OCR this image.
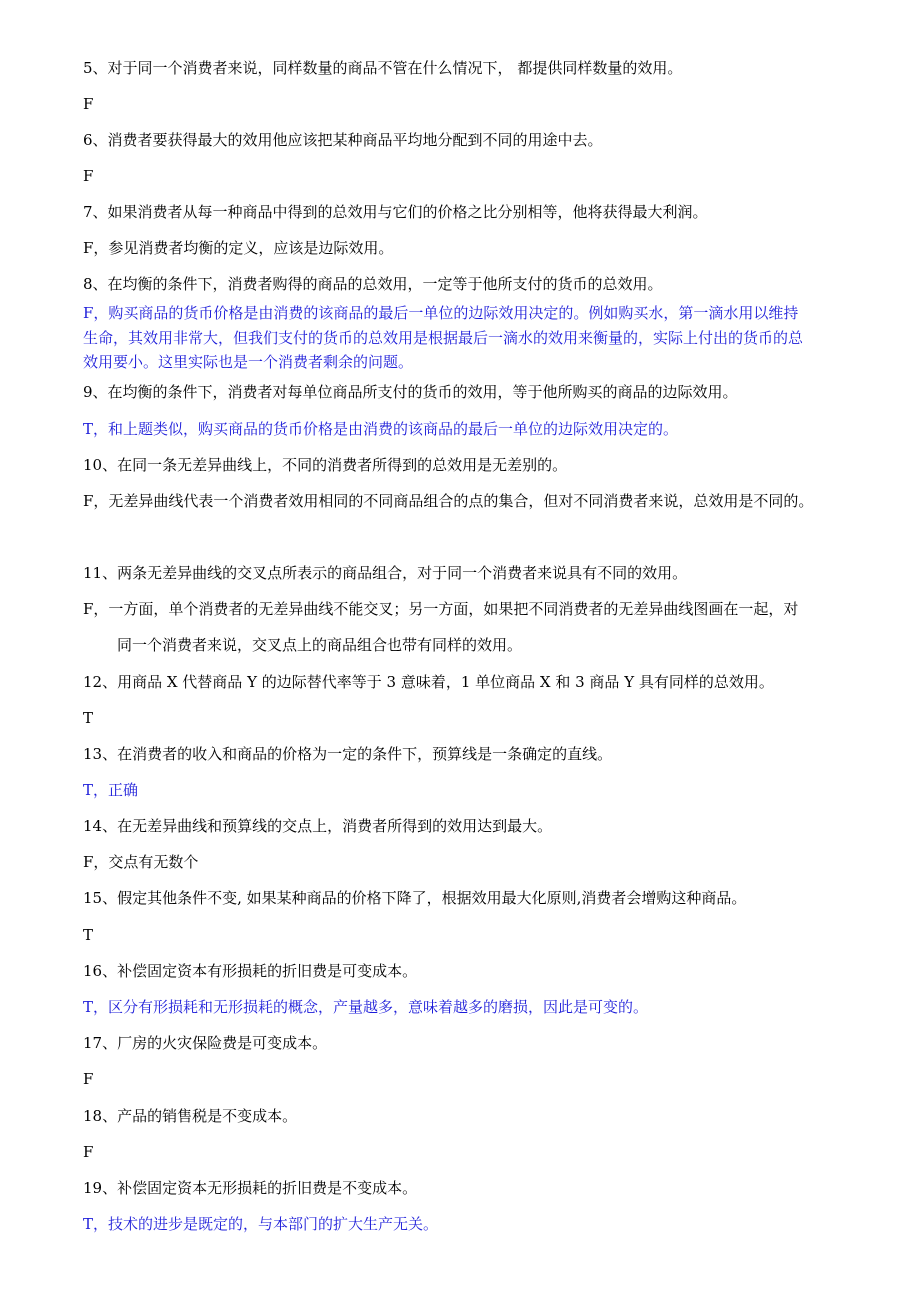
5、对于同一个消费者来说，同样数量的商品不管在什么情况下， 都提供同样数量的效用。
F
6、消费者要获得最大的效用他应该把某种商品平均地分配到不同的用途中去。
F
7、如果消费者从每一种商品中得到的总效用与它们的价格之比分别相等，他将获得最大利润。
F，参见消费者均衡的定义，应该是边际效用。
8、在均衡的条件下，消费者购得的商品的总效用，一定等于他所支付的货币的总效用。
F，购买商品的货币价格是由消费的该商品的最后一单位的边际效用决定的。例如购买水，第一滴水用以维持
生命，其效用非常大，但我们支付的货币的总效用是根据最后一滴水的效用来衡量的，实际上付出的货币的总
效用要小。这里实际也是一个消费者剩余的问题。
9、在均衡的条件下，消费者对每单位商品所支付的货币的效用，等于他所购买的商品的边际效用。
T，和上题类似，购买商品的货币价格是由消费的该商品的最后一单位的边际效用决定的。
10、在同一条无差异曲线上，不同的消费者所得到的总效用是无差别的。
F，无差异曲线代表一个消费者效用相同的不同商品组合的点的集合，但对不同消费者来说，总效用是不同的。
11、两条无差异曲线的交叉点所表示的商品组合，对于同一个消费者来说具有不同的效用。
F，一方面，单个消费者的无差异曲线不能交叉；另一方面，如果把不同消费者的无差异曲线图画在一起，对
同一个消费者来说，交叉点上的商品组合也带有同样的效用。
12、用商品 X 代替商品 Y 的边际替代率等于 3 意味着，1 单位商品 X 和 3 商品 Y 具有同样的总效用。
T
13、在消费者的收入和商品的价格为一定的条件下，预算线是一条确定的直线。
T，正确
14、在无差异曲线和预算线的交点上，消费者所得到的效用达到最大。
F，交点有无数个
15、假定其他条件不变, 如果某种商品的价格下降了，根据效用最大化原则,消费者会增购这种商品。
T
16、补偿固定资本有形损耗的折旧费是可变成本。
T，区分有形损耗和无形损耗的概念，产量越多，意味着越多的磨损，因此是可变的。
17、厂房的火灾保险费是可变成本。
F
18、产品的销售税是不变成本。
F
19、补偿固定资本无形损耗的折旧费是不变成本。
T，技术的进步是既定的，与本部门的扩大生产无关。
